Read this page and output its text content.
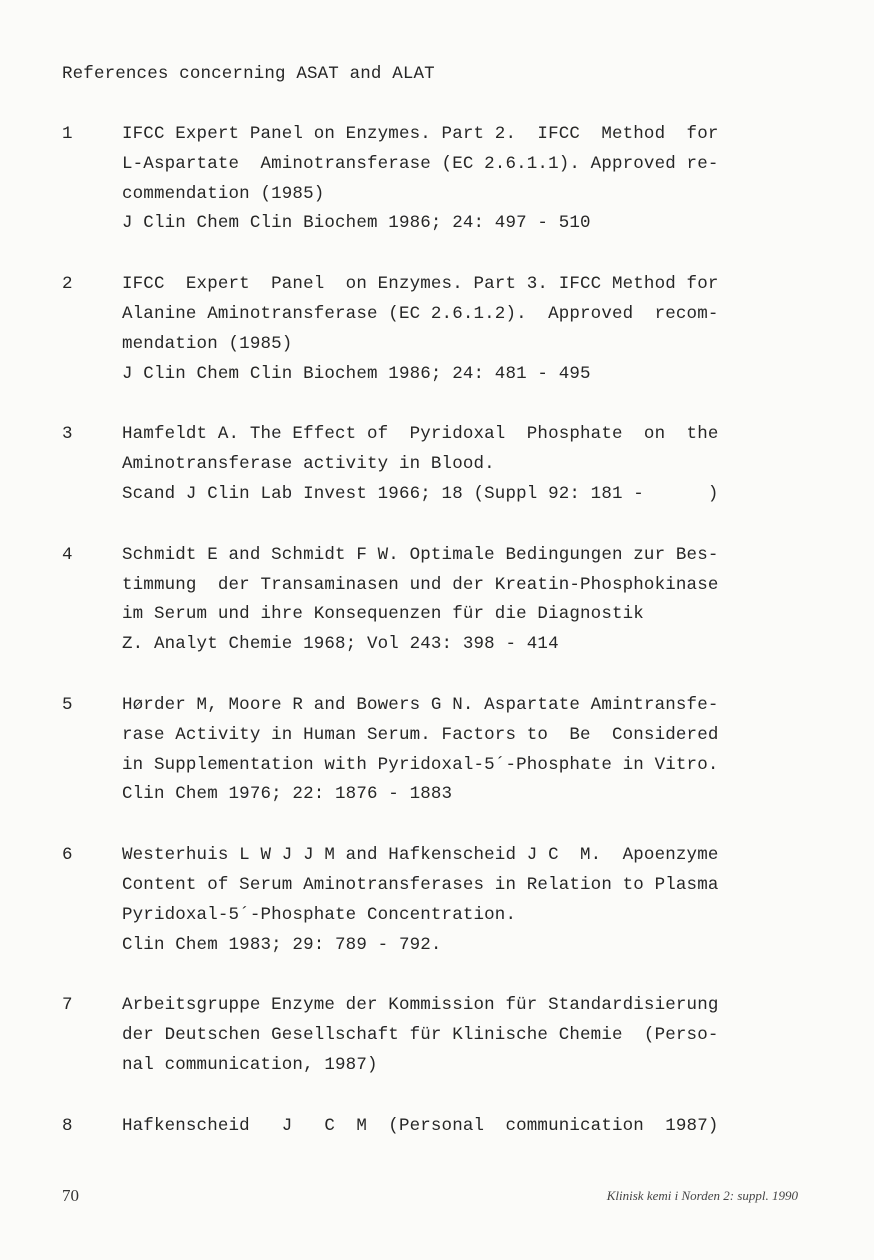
References concerning ASAT and ALAT
1	IFCC Expert Panel on Enzymes. Part 2.  IFCC  Method  for
L-Aspartate  Aminotransferase (EC 2.6.1.1). Approved re-
commendation (1985)
J Clin Chem Clin Biochem 1986; 24: 497 - 510
2	IFCC  Expert  Panel  on Enzymes. Part 3. IFCC Method for
Alanine Aminotransferase (EC 2.6.1.2).  Approved  recom-
mendation (1985)
J Clin Chem Clin Biochem 1986; 24: 481 - 495
3	Hamfeldt A. The Effect of  Pyridoxal  Phosphate  on  the
Aminotransferase activity in Blood.
Scand J Clin Lab Invest 1966; 18 (Suppl 92: 181 -      )
4	Schmidt E and Schmidt F W. Optimale Bedingungen zur Bes-
timmung  der Transaminasen und der Kreatin-Phosphokinase
im Serum und ihre Konsequenzen für die Diagnostik
Z. Analyt Chemie 1968; Vol 243: 398 - 414
5	Hørder M, Moore R and Bowers G N. Aspartate Amintransfe-
rase Activity in Human Serum. Factors to  Be  Considered
in Supplementation with Pyridoxal-5´-Phosphate in Vitro.
Clin Chem 1976; 22: 1876 - 1883
6	Westerhuis L W J J M and Hafkenscheid J C  M.  Apoenzyme
Content of Serum Aminotransferases in Relation to Plasma
Pyridoxal-5´-Phosphate Concentration.
Clin Chem 1983; 29: 789 - 792.
7	Arbeitsgruppe Enzyme der Kommission für Standardisierung
der Deutschen Gesellschaft für Klinische Chemie  (Perso-
nal communication, 1987)
8	Hafkenscheid   J   C  M  (Personal  communication  1987)
70	Klinisk kemi i Norden 2: suppl. 1990
